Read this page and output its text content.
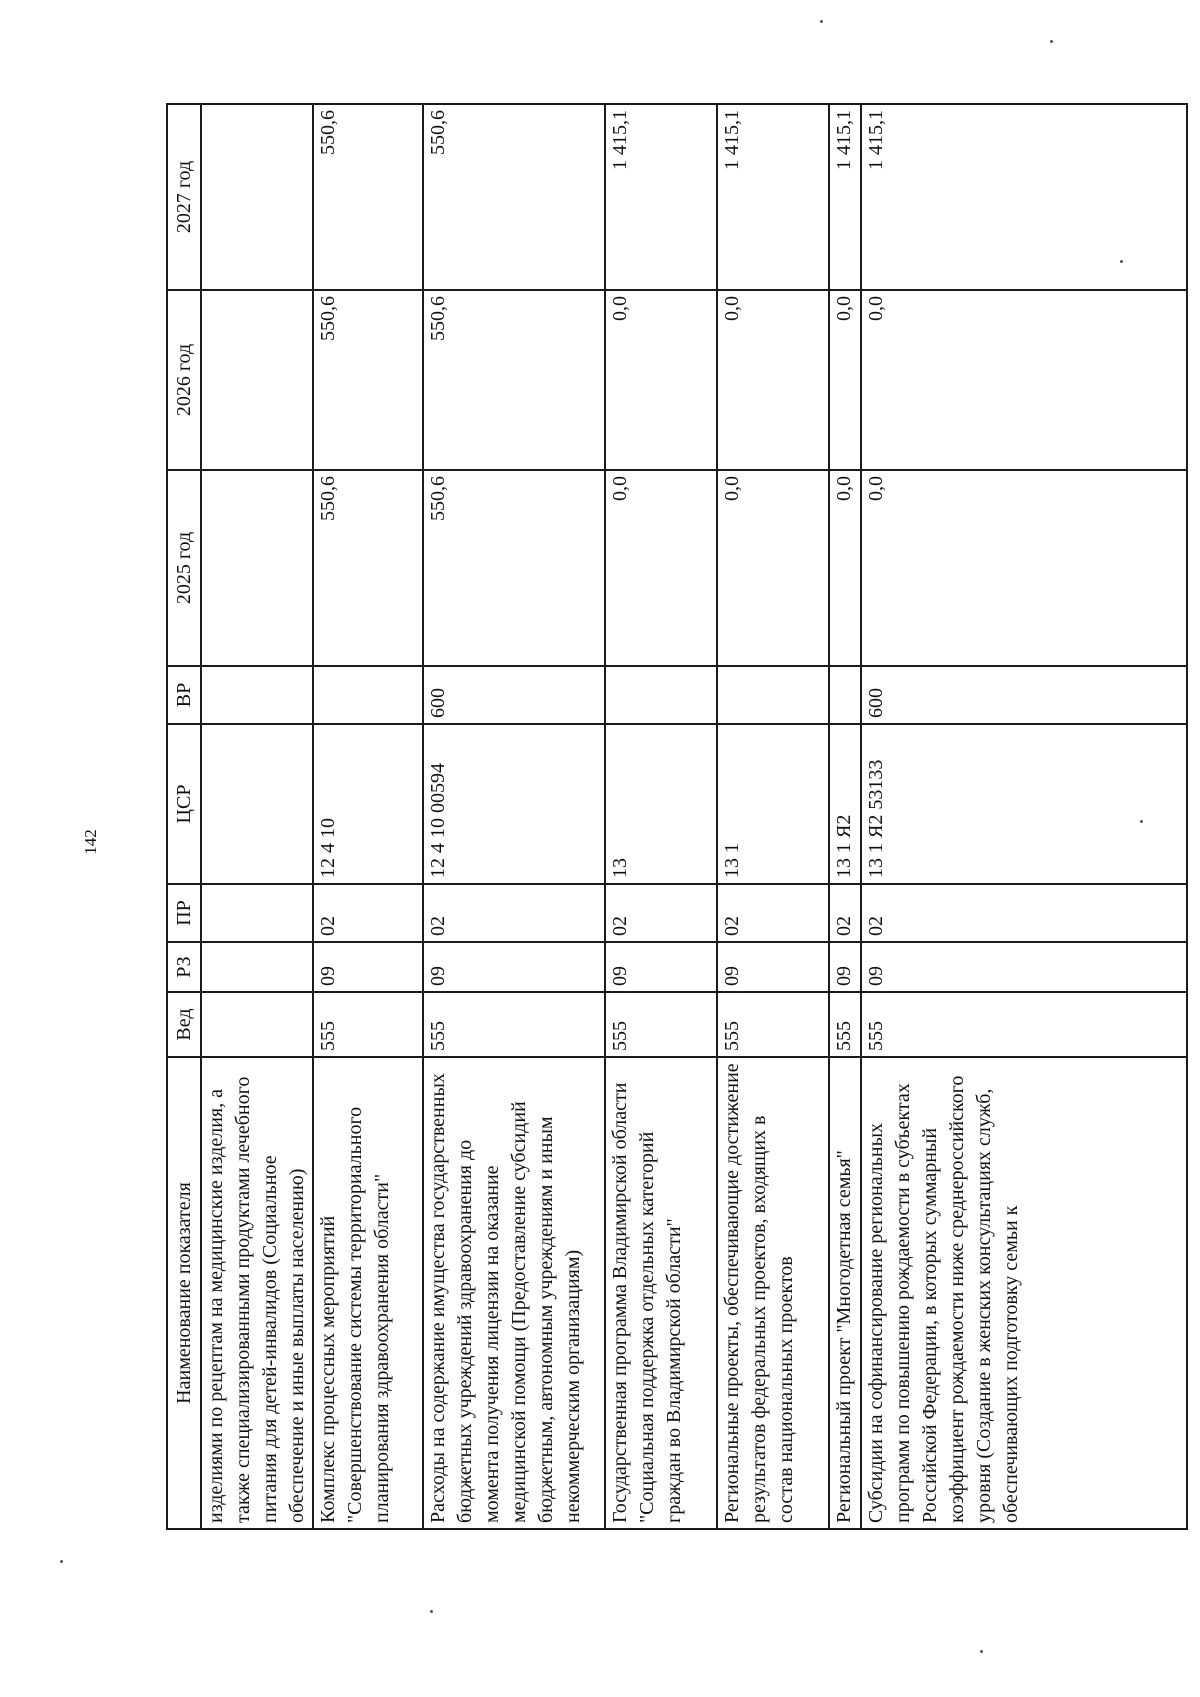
142
Наименование показателя	Вед	РЗ	ПР	ЦСР	ВР	2025 год	2026 год	2027 год
изделиями по рецептам на медицинские изделия, а также специализированными продуктами лечебного питания для детей-инвалидов (Социальное обеспечение и иные выплаты населению)								
Комплекс процессных мероприятий "Совершенствование системы территориального планирования здравоохранения области"	555	09	02	12 4 10		550,6	550,6	550,6
Расходы на содержание имущества государственных бюджетных учреждений здравоохранения до момента получения лицензии на оказание медицинской помощи (Предоставление субсидий бюджетным, автономным учреждениям и иным некоммерческим организациям)	555	09	02	12 4 10 00594	600	550,6	550,6	550,6
Государственная программа Владимирской области "Социальная поддержка отдельных категорий граждан во Владимирской области"	555	09	02	13		0,0	0,0	1 415,1
Региональные проекты, обеспечивающие достижение результатов федеральных проектов, входящих в состав национальных проектов	555	09	02	13 1		0,0	0,0	1 415,1
Региональный проект "Многодетная семья"	555	09	02	13 1 Я2		0,0	0,0	1 415,1
Субсидии на софинансирование региональных программ по повышению рождаемости в субъектах Российской Федерации, в которых суммарный коэффициент рождаемости ниже среднероссийского уровня (Создание в женских консультациях служб, обеспечивающих подготовку семьи к	555	09	02	13 1 Я2 53133	600	0,0	0,0	1 415,1
